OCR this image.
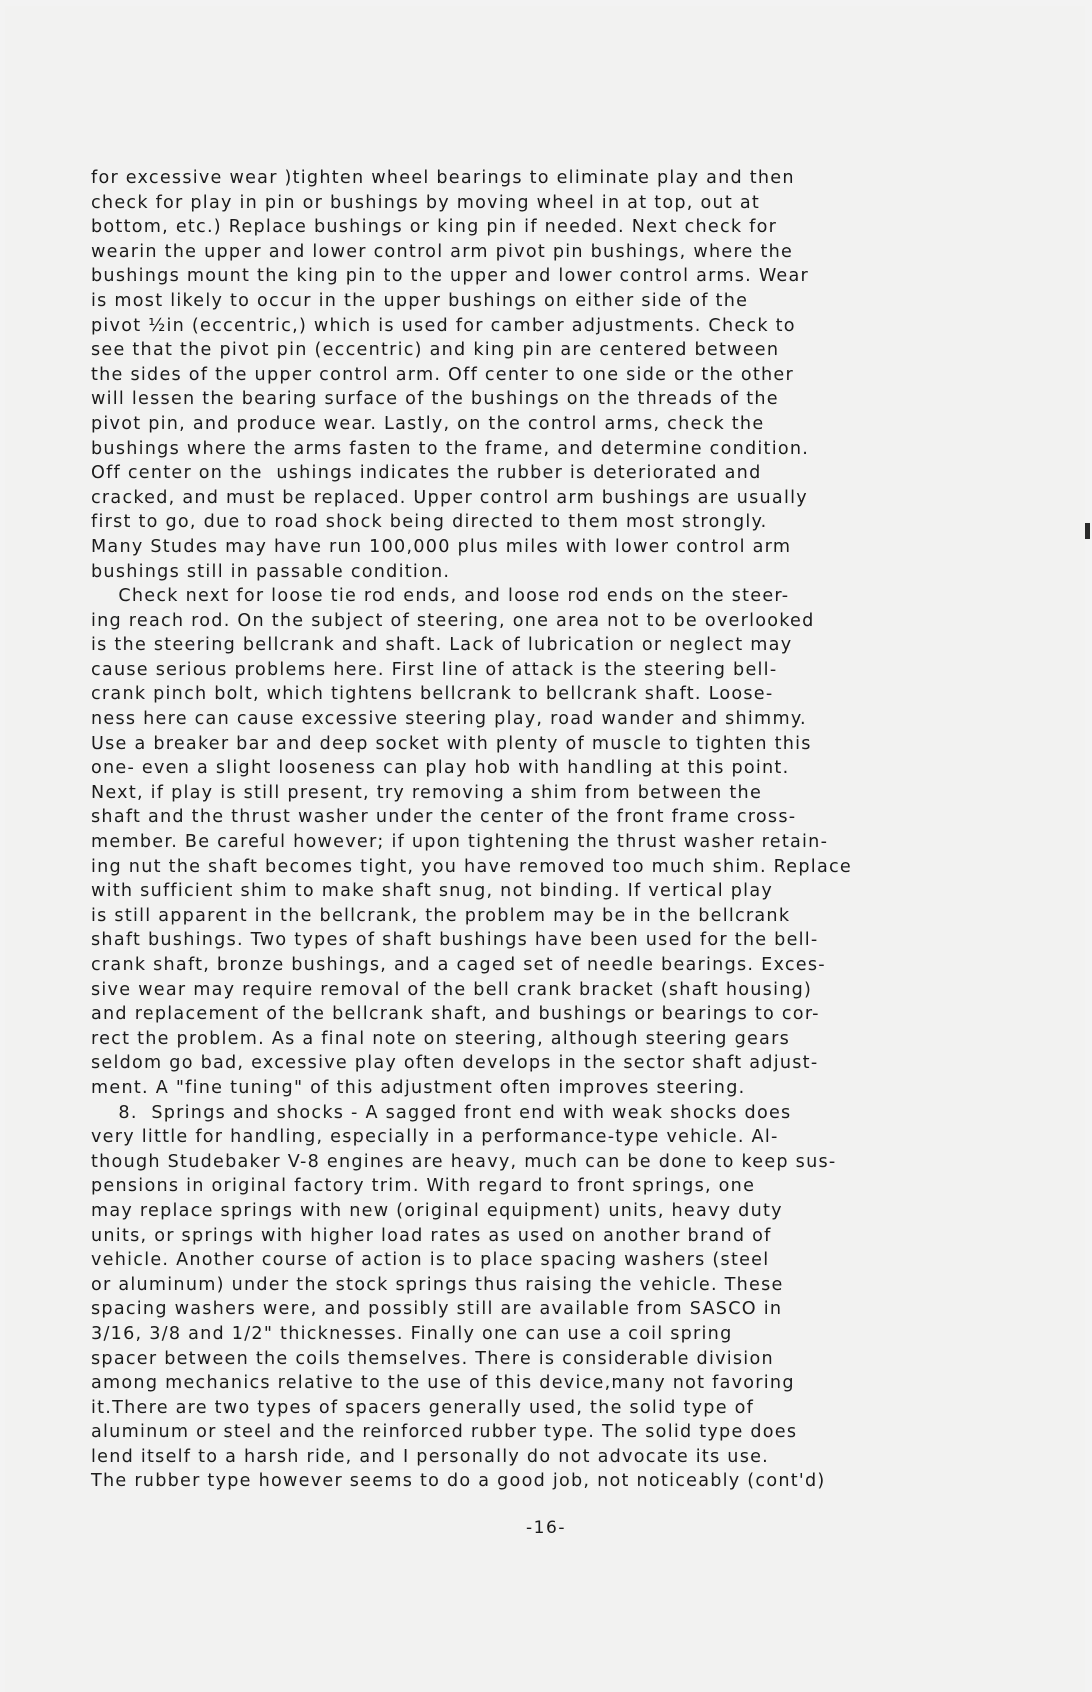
for excessive wear )tighten wheel bearings to eliminate play and then
check for play in pin or bushings by moving wheel in at top, out at
bottom, etc.) Replace bushings or king pin if needed. Next check for
wearin the upper and lower control arm pivot pin bushings, where the
bushings mount the king pin to the upper and lower control arms. Wear
is most likely to occur in the upper bushings on either side of the
pivot ½in (eccentric,) which is used for camber adjustments. Check to
see that the pivot pin (eccentric) and king pin are centered between
the sides of the upper control arm. Off center to one side or the other
will lessen the bearing surface of the bushings on the threads of the
pivot pin, and produce wear. Lastly, on the control arms, check the
bushings where the arms fasten to the frame, and determine condition.
Off center on the  ushings indicates the rubber is deteriorated and
cracked, and must be replaced. Upper control arm bushings are usually
first to go, due to road shock being directed to them most strongly.
Many Studes may have run 100,000 plus miles with lower control arm
bushings still in passable condition.
Check next for loose tie rod ends, and loose rod ends on the steer-
ing reach rod. On the subject of steering, one area not to be overlooked
is the steering bellcrank and shaft. Lack of lubrication or neglect may
cause serious problems here. First line of attack is the steering bell-
crank pinch bolt, which tightens bellcrank to bellcrank shaft. Loose-
ness here can cause excessive steering play, road wander and shimmy.
Use a breaker bar and deep socket with plenty of muscle to tighten this
one- even a slight looseness can play hob with handling at this point.
Next, if play is still present, try removing a shim from between the
shaft and the thrust washer under the center of the front frame cross-
member. Be careful however; if upon tightening the thrust washer retain-
ing nut the shaft becomes tight, you have removed too much shim. Replace
with sufficient shim to make shaft snug, not binding. If vertical play
is still apparent in the bellcrank, the problem may be in the bellcrank
shaft bushings. Two types of shaft bushings have been used for the bell-
crank shaft, bronze bushings, and a caged set of needle bearings. Exces-
sive wear may require removal of the bell crank bracket (shaft housing)
and replacement of the bellcrank shaft, and bushings or bearings to cor-
rect the problem. As a final note on steering, although steering gears
seldom go bad, excessive play often develops in the sector shaft adjust-
ment. A "fine tuning" of this adjustment often improves steering.
8.  Springs and shocks - A sagged front end with weak shocks does
very little for handling, especially in a performance-type vehicle. Al-
though Studebaker V-8 engines are heavy, much can be done to keep sus-
pensions in original factory trim. With regard to front springs, one
may replace springs with new (original equipment) units, heavy duty
units, or springs with higher load rates as used on another brand of
vehicle. Another course of action is to place spacing washers (steel
or aluminum) under the stock springs thus raising the vehicle. These
spacing washers were, and possibly still are available from SASCO in
3/16, 3/8 and 1/2" thicknesses. Finally one can use a coil spring
spacer between the coils themselves. There is considerable division
among mechanics relative to the use of this device,many not favoring
it.There are two types of spacers generally used, the solid type of
aluminum or steel and the reinforced rubber type. The solid type does
lend itself to a harsh ride, and I personally do not advocate its use.
The rubber type however seems to do a good job, not noticeably (cont'd)
-16-
